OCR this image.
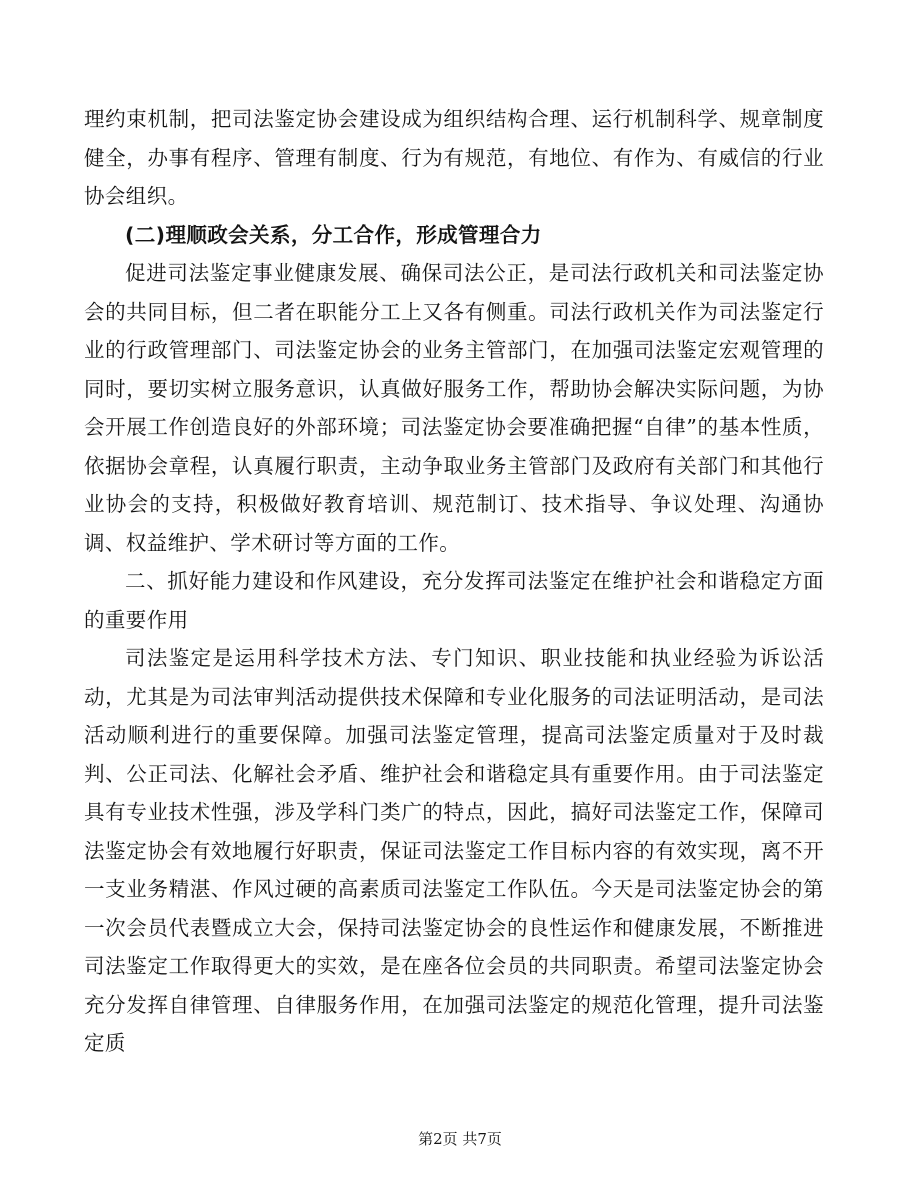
理约束机制，把司法鉴定协会建设成为组织结构合理、运行机制科学、规章制度健全，办事有程序、管理有制度、行为有规范，有地位、有作为、有威信的行业协会组织。

(二)理顺政会关系，分工合作，形成管理合力

促进司法鉴定事业健康发展、确保司法公正，是司法行政机关和司法鉴定协会的共同目标，但二者在职能分工上又各有侧重。司法行政机关作为司法鉴定行业的行政管理部门、司法鉴定协会的业务主管部门，在加强司法鉴定宏观管理的同时，要切实树立服务意识，认真做好服务工作，帮助协会解决实际问题，为协会开展工作创造良好的外部环境；司法鉴定协会要准确把握“自律”的基本性质，依据协会章程，认真履行职责，主动争取业务主管部门及政府有关部门和其他行业协会的支持，积极做好教育培训、规范制订、技术指导、争议处理、沟通协调、权益维护、学术研讨等方面的工作。

二、抓好能力建设和作风建设，充分发挥司法鉴定在维护社会和谐稳定方面的重要作用

司法鉴定是运用科学技术方法、专门知识、职业技能和执业经验为诉讼活动，尤其是为司法审判活动提供技术保障和专业化服务的司法证明活动，是司法活动顺利进行的重要保障。加强司法鉴定管理，提高司法鉴定质量对于及时裁判、公正司法、化解社会矛盾、维护社会和谐稳定具有重要作用。由于司法鉴定具有专业技术性强，涉及学科门类广的特点，因此，搞好司法鉴定工作，保障司法鉴定协会有效地履行好职责，保证司法鉴定工作目标内容的有效实现，离不开一支业务精湛、作风过硬的高素质司法鉴定工作队伍。今天是司法鉴定协会的第一次会员代表暨成立大会，保持司法鉴定协会的良性运作和健康发展，不断推进司法鉴定工作取得更大的实效，是在座各位会员的共同职责。希望司法鉴定协会充分发挥自律管理、自律服务作用，在加强司法鉴定的规范化管理，提升司法鉴定质

第2页 共7页
